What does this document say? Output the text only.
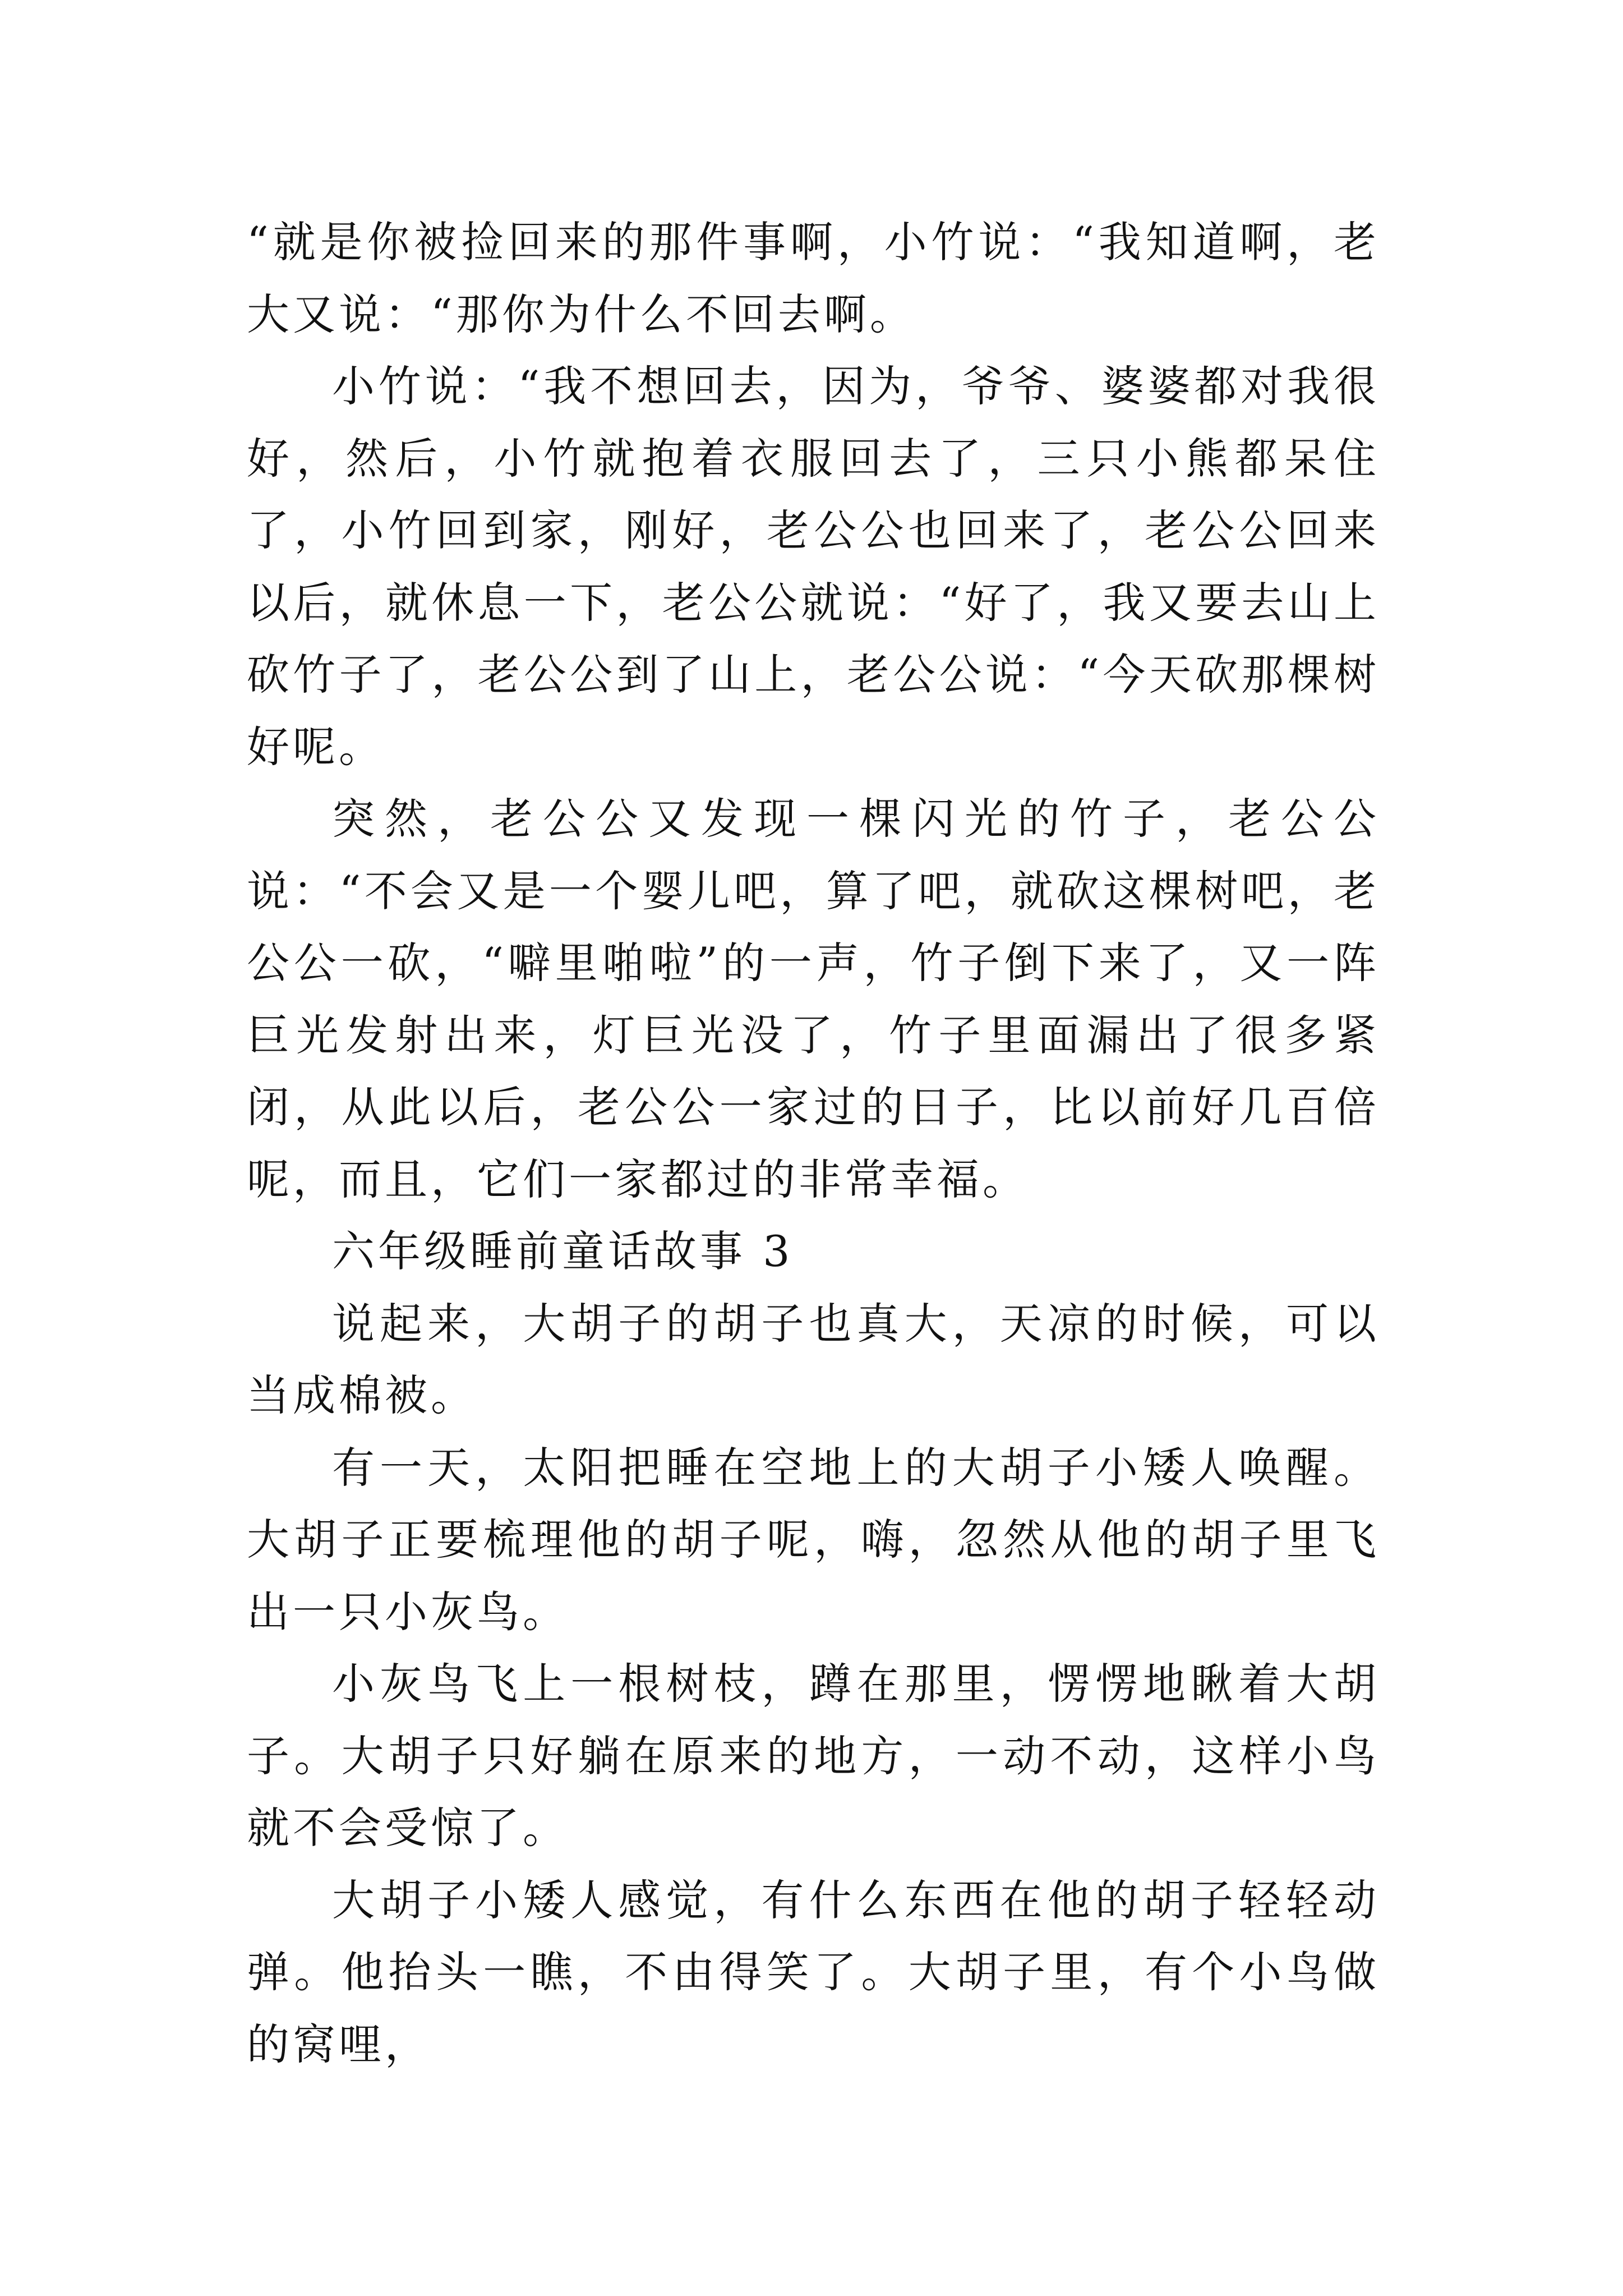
“就是你被捡回来的那件事啊，小竹说：“我知道啊，老大又说：“那你为什么不回去啊。

小竹说：“我不想回去，因为，爷爷、婆婆都对我很好，然后，小竹就抱着衣服回去了，三只小熊都呆住了，小竹回到家，刚好，老公公也回来了，老公公回来以后，就休息一下，老公公就说：“好了，我又要去山上砍竹子了，老公公到了山上，老公公说：“今天砍那棵树好呢。

突然，老公公又发现一棵闪光的竹子，老公公说：“不会又是一个婴儿吧，算了吧，就砍这棵树吧，老公公一砍，“噼里啪啦”的一声，竹子倒下来了，又一阵巨光发射出来，灯巨光没了，竹子里面漏出了很多紧闭，从此以后，老公公一家过的日子，比以前好几百倍呢，而且，它们一家都过的非常幸福。

六年级睡前童话故事 3

说起来，大胡子的胡子也真大，天凉的时候，可以当成棉被。

有一天，太阳把睡在空地上的大胡子小矮人唤醒。大胡子正要梳理他的胡子呢，嗨，忽然从他的胡子里飞出一只小灰鸟。

小灰鸟飞上一根树枝，蹲在那里，愣愣地瞅着大胡子。大胡子只好躺在原来的地方，一动不动，这样小鸟就不会受惊了。

大胡子小矮人感觉，有什么东西在他的胡子轻轻动弹。他抬头一瞧，不由得笑了。大胡子里，有个小鸟做的窝哩，
